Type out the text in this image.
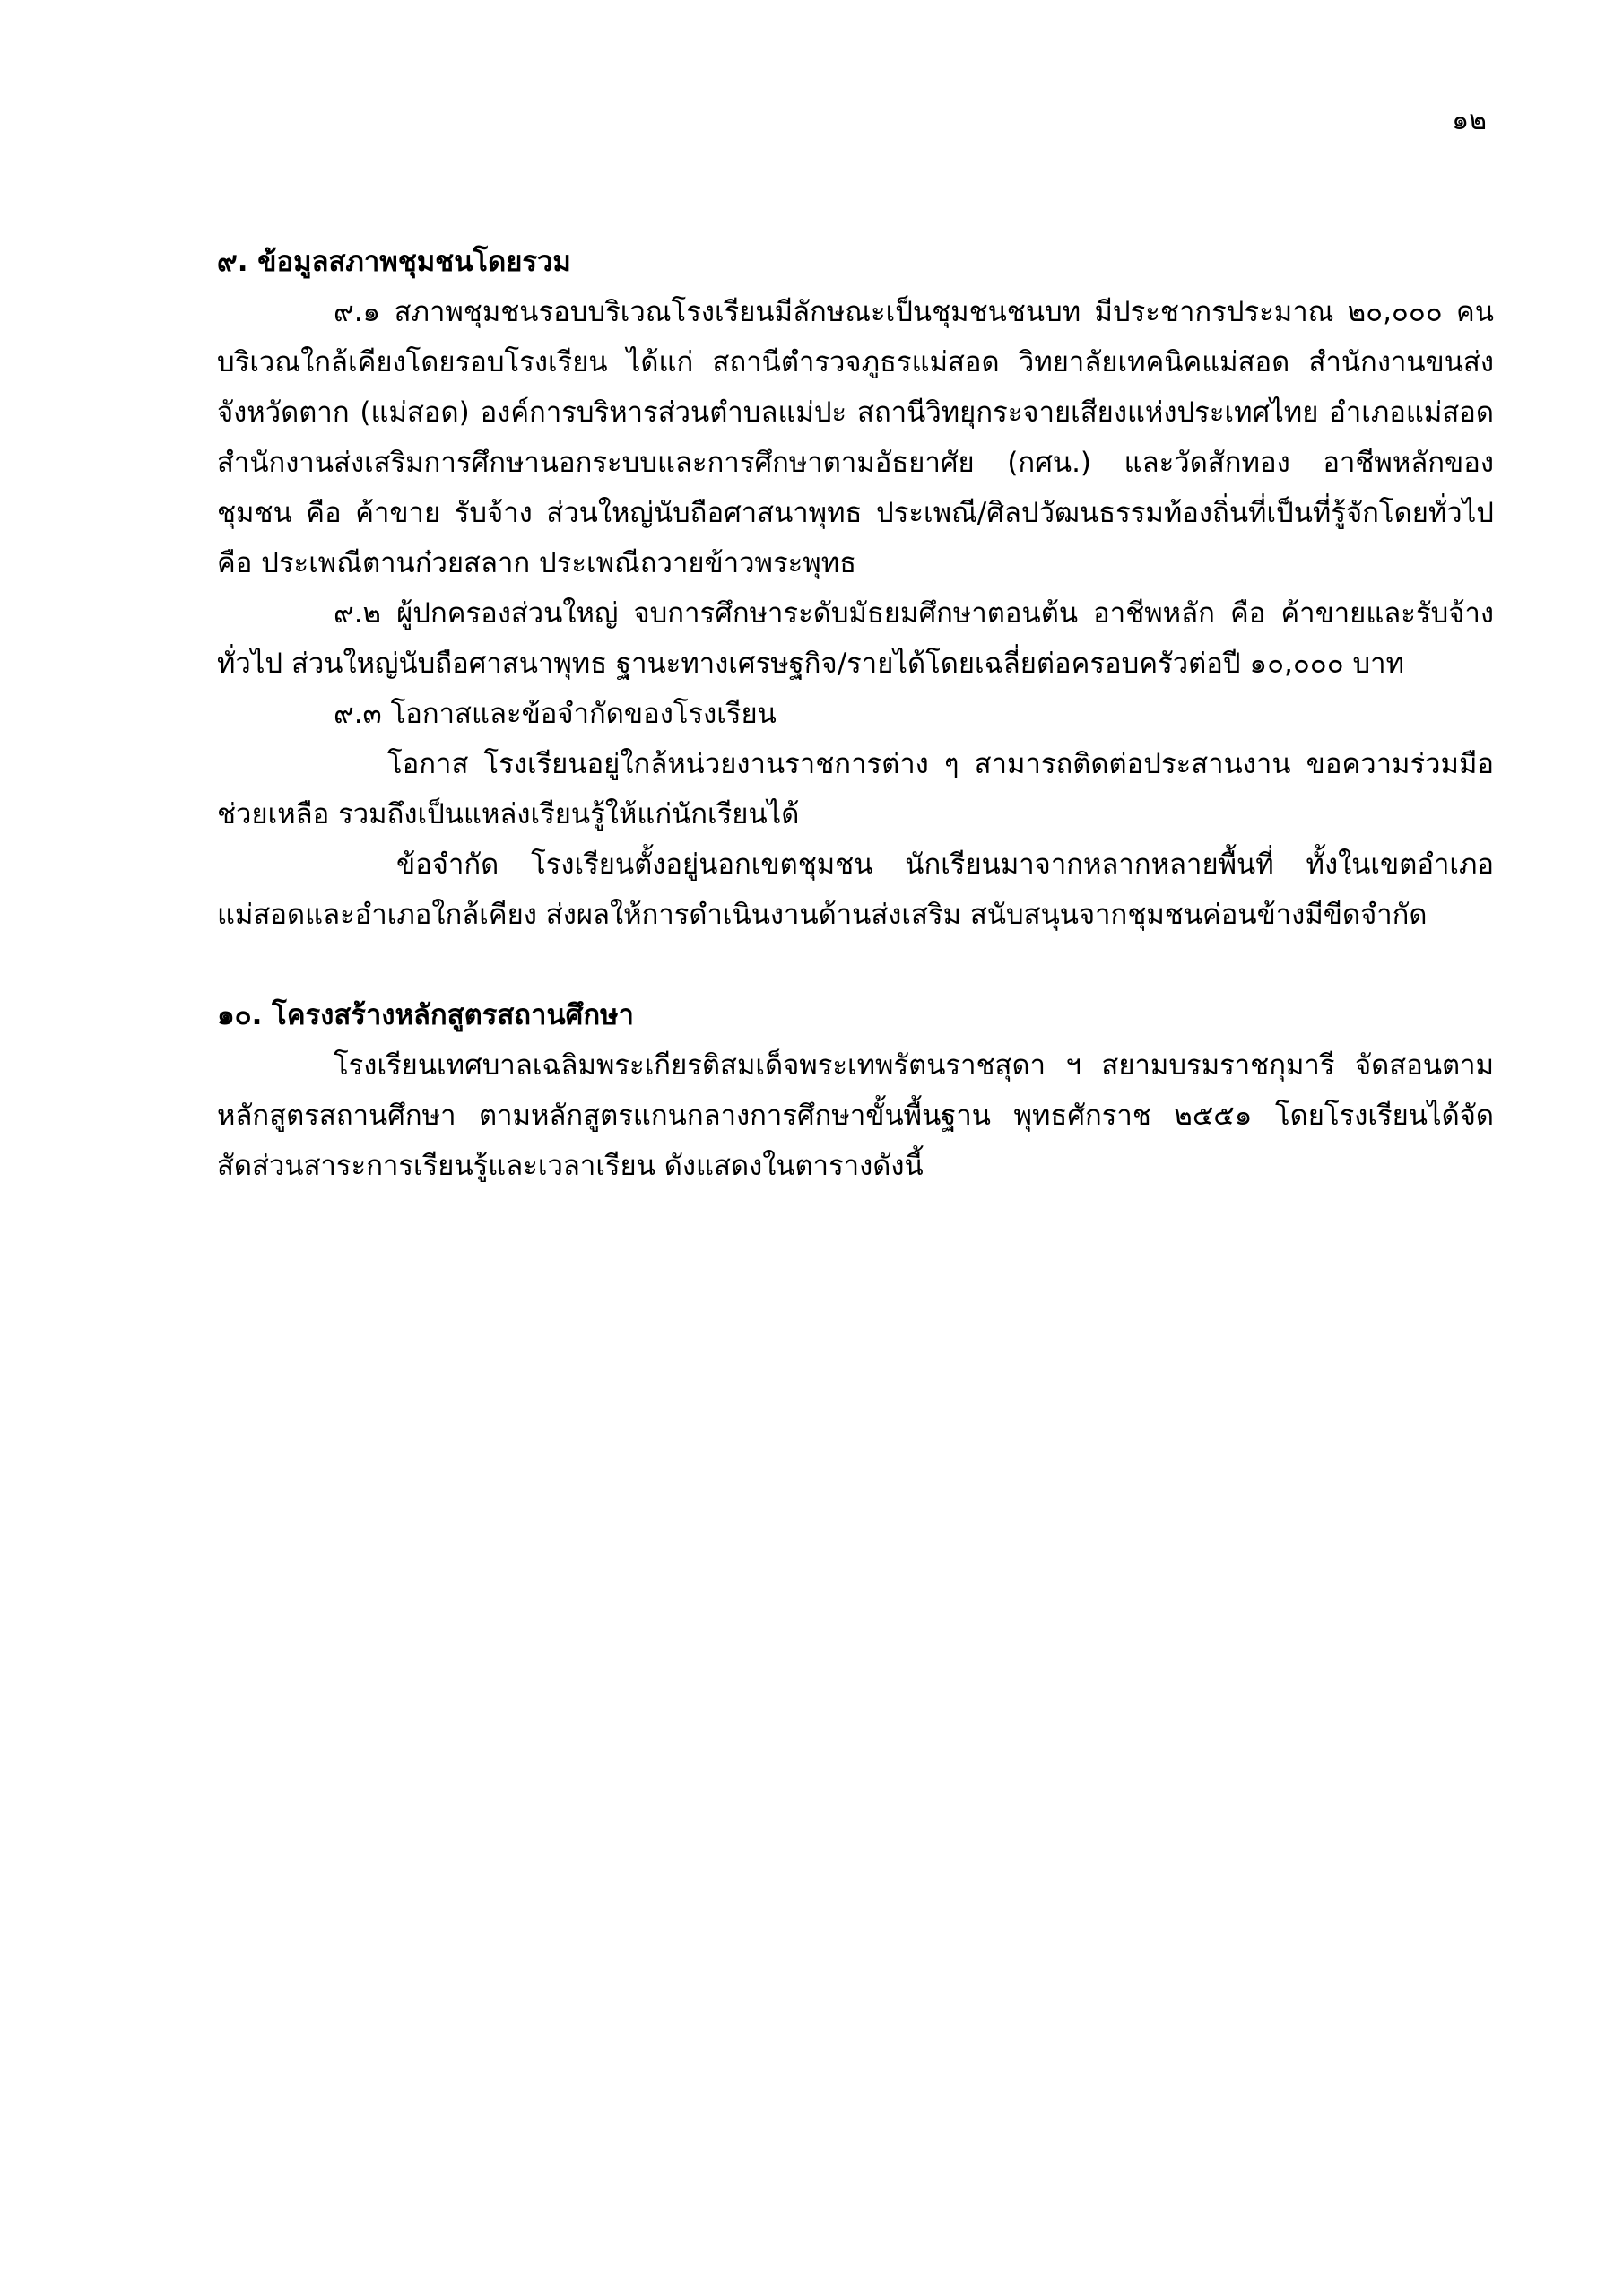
๑๒

๙. ข้อมูลสภาพชุมชนโดยรวม

๙.๑ สภาพชุมชนรอบบริเวณโรงเรียนมีลักษณะเป็นชุมชนชนบท มีประชากรประมาณ ๒๐,๐๐๐ คน บริเวณใกล้เคียงโดยรอบโรงเรียน ได้แก่ สถานีตำรวจภูธรแม่สอด วิทยาลัยเทคนิคแม่สอด สำนักงานขนส่งจังหวัดตาก (แม่สอด) องค์การบริหารส่วนตำบลแม่ปะ สถานีวิทยุกระจายเสียงแห่งประเทศไทย อำเภอแม่สอด สำนักงานส่งเสริมการศึกษานอกระบบและการศึกษาตามอัธยาศัย (กศน.) และวัดสักทอง อาชีพหลักของชุมชน คือ ค้าขาย รับจ้าง ส่วนใหญ่นับถือศาสนาพุทธ ประเพณี/ศิลปวัฒนธรรมท้องถิ่นที่เป็นที่รู้จักโดยทั่วไป คือ ประเพณีตานก๋วยสลาก ประเพณีถวายข้าวพระพุทธ

๙.๒ ผู้ปกครองส่วนใหญ่ จบการศึกษาระดับมัธยมศึกษาตอนต้น อาชีพหลัก คือ ค้าขายและรับจ้างทั่วไป ส่วนใหญ่นับถือศาสนาพุทธ ฐานะทางเศรษฐกิจ/รายได้โดยเฉลี่ยต่อครอบครัวต่อปี ๑๐,๐๐๐ บาท

๙.๓ โอกาสและข้อจำกัดของโรงเรียน

โอกาส โรงเรียนอยู่ใกล้หน่วยงานราชการต่าง ๆ สามารถติดต่อประสานงาน ขอความร่วมมือช่วยเหลือ รวมถึงเป็นแหล่งเรียนรู้ให้แก่นักเรียนได้

ข้อจำกัด โรงเรียนตั้งอยู่นอกเขตชุมชน นักเรียนมาจากหลากหลายพื้นที่ ทั้งในเขตอำเภอแม่สอดและอำเภอใกล้เคียง ส่งผลให้การดำเนินงานด้านส่งเสริม สนับสนุนจากชุมชนค่อนข้างมีขีดจำกัด

๑๐. โครงสร้างหลักสูตรสถานศึกษา

โรงเรียนเทศบาลเฉลิมพระเกียรติสมเด็จพระเทพรัตนราชสุดา ฯ สยามบรมราชกุมารี จัดสอนตามหลักสูตรสถานศึกษา ตามหลักสูตรแกนกลางการศึกษาขั้นพื้นฐาน พุทธศักราช ๒๕๕๑ โดยโรงเรียนได้จัดสัดส่วนสาระการเรียนรู้และเวลาเรียน ดังแสดงในตารางดังนี้
